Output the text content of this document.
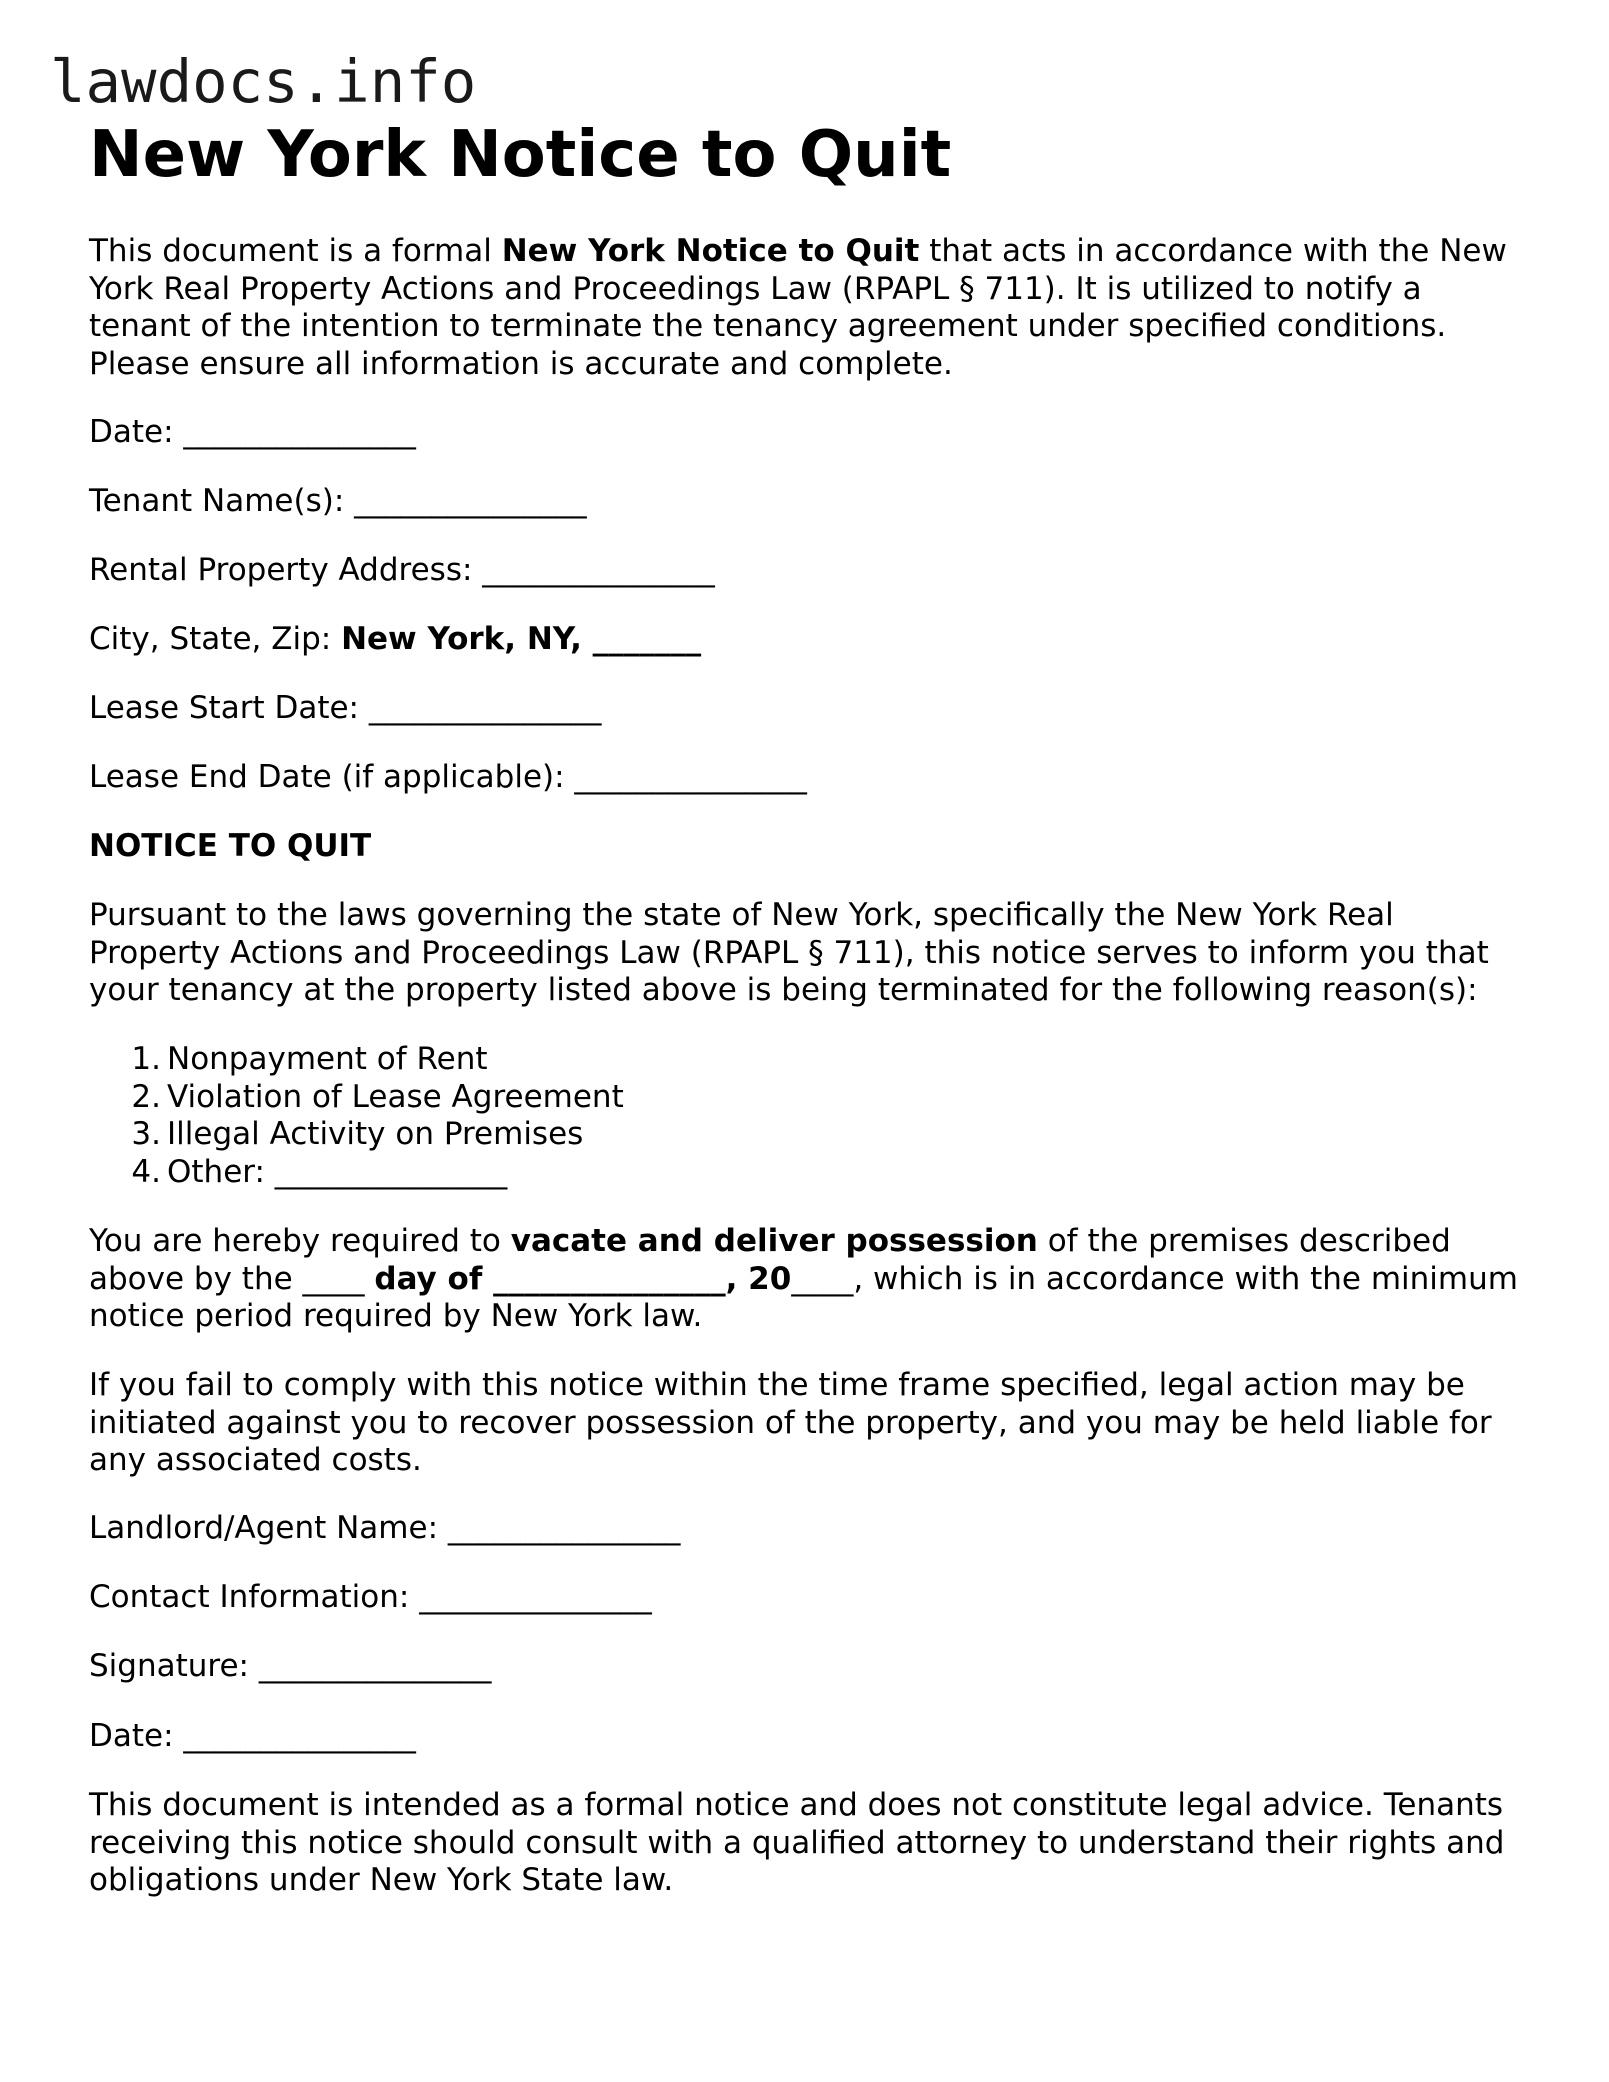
lawdocs.info
New York Notice to Quit

This document is a formal New York Notice to Quit that acts in accordance with the New York Real Property Actions and Proceedings Law (RPAPL § 711). It is utilized to notify a tenant of the intention to terminate the tenancy agreement under specified conditions. Please ensure all information is accurate and complete.

Date: _______________

Tenant Name(s): _______________

Rental Property Address: _______________

City, State, Zip: New York, NY, _______

Lease Start Date: _______________

Lease End Date (if applicable): _______________

NOTICE TO QUIT

Pursuant to the laws governing the state of New York, specifically the New York Real Property Actions and Proceedings Law (RPAPL § 711), this notice serves to inform you that your tenancy at the property listed above is being terminated for the following reason(s):

1. Nonpayment of Rent
2. Violation of Lease Agreement
3. Illegal Activity on Premises
4. Other: _______________

You are hereby required to vacate and deliver possession of the premises described above by the ____ day of _______________, 20____, which is in accordance with the minimum notice period required by New York law.

If you fail to comply with this notice within the time frame specified, legal action may be initiated against you to recover possession of the property, and you may be held liable for any associated costs.

Landlord/Agent Name: _______________

Contact Information: _______________

Signature: _______________

Date: _______________

This document is intended as a formal notice and does not constitute legal advice. Tenants receiving this notice should consult with a qualified attorney to understand their rights and obligations under New York State law.
